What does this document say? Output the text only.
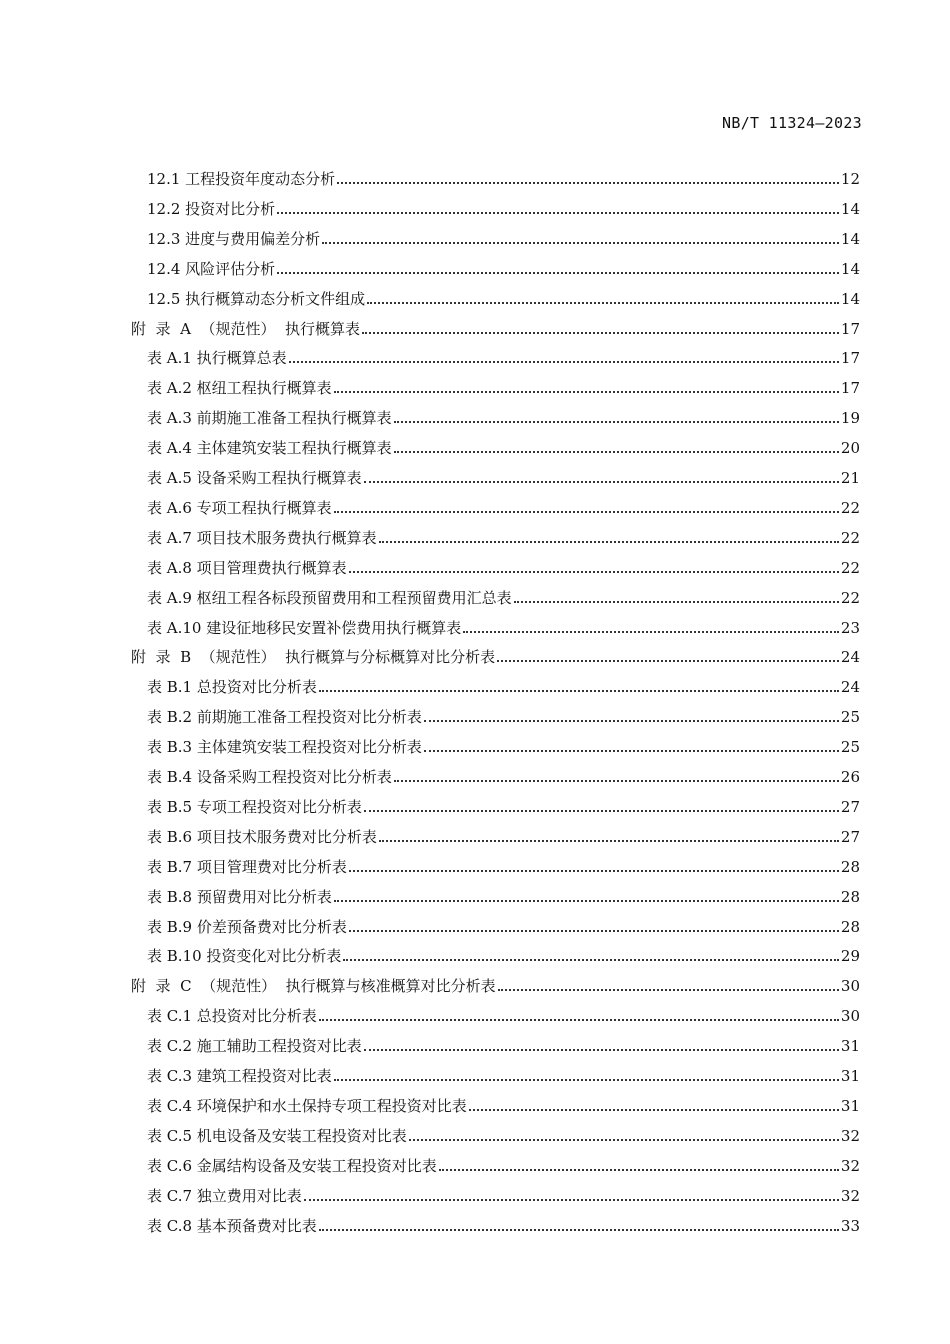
NB/T 11324—2023
12.1 工程投资年度动态分析	12
12.2 投资对比分析	14
12.3 进度与费用偏差分析	14
12.4 风险评估分析	14
12.5 执行概算动态分析文件组成	14
附  录  A  （规范性）  执行概算表	17
表 A.1 执行概算总表	17
表 A.2 枢纽工程执行概算表	17
表 A.3 前期施工准备工程执行概算表	19
表 A.4 主体建筑安装工程执行概算表	20
表 A.5 设备采购工程执行概算表	21
表 A.6 专项工程执行概算表	22
表 A.7 项目技术服务费执行概算表	22
表 A.8 项目管理费执行概算表	22
表 A.9 枢纽工程各标段预留费用和工程预留费用汇总表	22
表 A.10 建设征地移民安置补偿费用执行概算表	23
附  录  B  （规范性）  执行概算与分标概算对比分析表	24
表 B.1 总投资对比分析表	24
表 B.2 前期施工准备工程投资对比分析表	25
表 B.3 主体建筑安装工程投资对比分析表	25
表 B.4 设备采购工程投资对比分析表	26
表 B.5 专项工程投资对比分析表	27
表 B.6 项目技术服务费对比分析表	27
表 B.7 项目管理费对比分析表	28
表 B.8 预留费用对比分析表	28
表 B.9 价差预备费对比分析表	28
表 B.10 投资变化对比分析表	29
附  录  C  （规范性）  执行概算与核准概算对比分析表	30
表 C.1 总投资对比分析表	30
表 C.2 施工辅助工程投资对比表	31
表 C.3 建筑工程投资对比表	31
表 C.4 环境保护和水土保持专项工程投资对比表	31
表 C.5 机电设备及安装工程投资对比表	32
表 C.6 金属结构设备及安装工程投资对比表	32
表 C.7 独立费用对比表	32
表 C.8 基本预备费对比表	33
